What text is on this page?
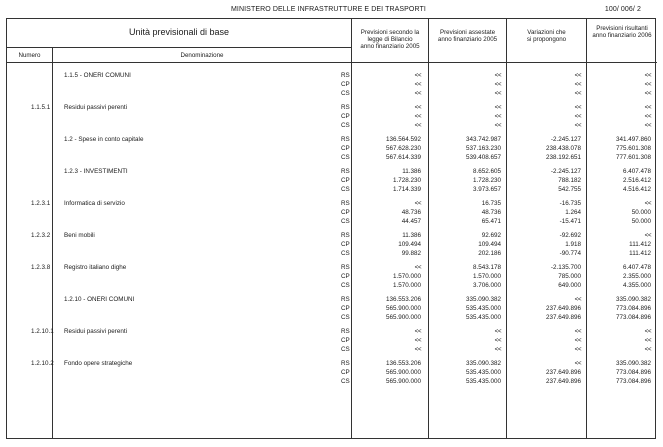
MINISTERO DELLE INFRASTRUTTURE E DEI TRASPORTI	100/ 006/ 2
Unità previsionali di base
Numero	Denominazione
Previsioni secondo la
legge di Bilancio
anno finanziario 2005
Previsioni assestate
anno finanziario 2005
Variazioni che
si propongono
Previsioni risultanti
anno finanziario 2006
1.1.5 - ONERI COMUNI	RS	<<	<<	<<	<<
CP	<<	<<	<<	<<
CS	<<	<<	<<	<<
1.1.5.1 Residui passivi perenti	RS	<<	<<	<<	<<
CP	<<	<<	<<	<<
CS	<<	<<	<<	<<
1.2 - Spese in conto capitale	RS	136.564.592	343.742.987	-2.245.127	341.497.860
CP	567.628.230	537.163.230	238.438.078	775.601.308
CS	567.614.339	539.408.657	238.192.651	777.601.308
1.2.3 - INVESTIMENTI	RS	11.386	8.652.605	-2.245.127	6.407.478
CP	1.728.230	1.728.230	788.182	2.516.412
CS	1.714.339	3.973.657	542.755	4.516.412
1.2.3.1 Informatica di servizio	RS	<<	16.735	-16.735	<<
CP	48.736	48.736	1.264	50.000
CS	44.457	65.471	-15.471	50.000
1.2.3.2 Beni mobili	RS	11.386	92.692	-92.692	<<
CP	109.494	109.494	1.918	111.412
CS	99.882	202.186	-90.774	111.412
1.2.3.8 Registro italiano dighe	RS	<<	8.543.178	-2.135.700	6.407.478
CP	1.570.000	1.570.000	785.000	2.355.000
CS	1.570.000	3.706.000	649.000	4.355.000
1.2.10 - ONERI COMUNI	RS	136.553.206	335.090.382	<<	335.090.382
CP	565.900.000	535.435.000	237.649.896	773.084.896
CS	565.900.000	535.435.000	237.649.896	773.084.896
1.2.10.1 Residui passivi perenti	RS	<<	<<	<<	<<
CP	<<	<<	<<	<<
CS	<<	<<	<<	<<
1.2.10.2 Fondo opere strategiche	RS	136.553.206	335.090.382	<<	335.090.382
CP	565.900.000	535.435.000	237.649.896	773.084.896
CS	565.900.000	535.435.000	237.649.896	773.084.896
